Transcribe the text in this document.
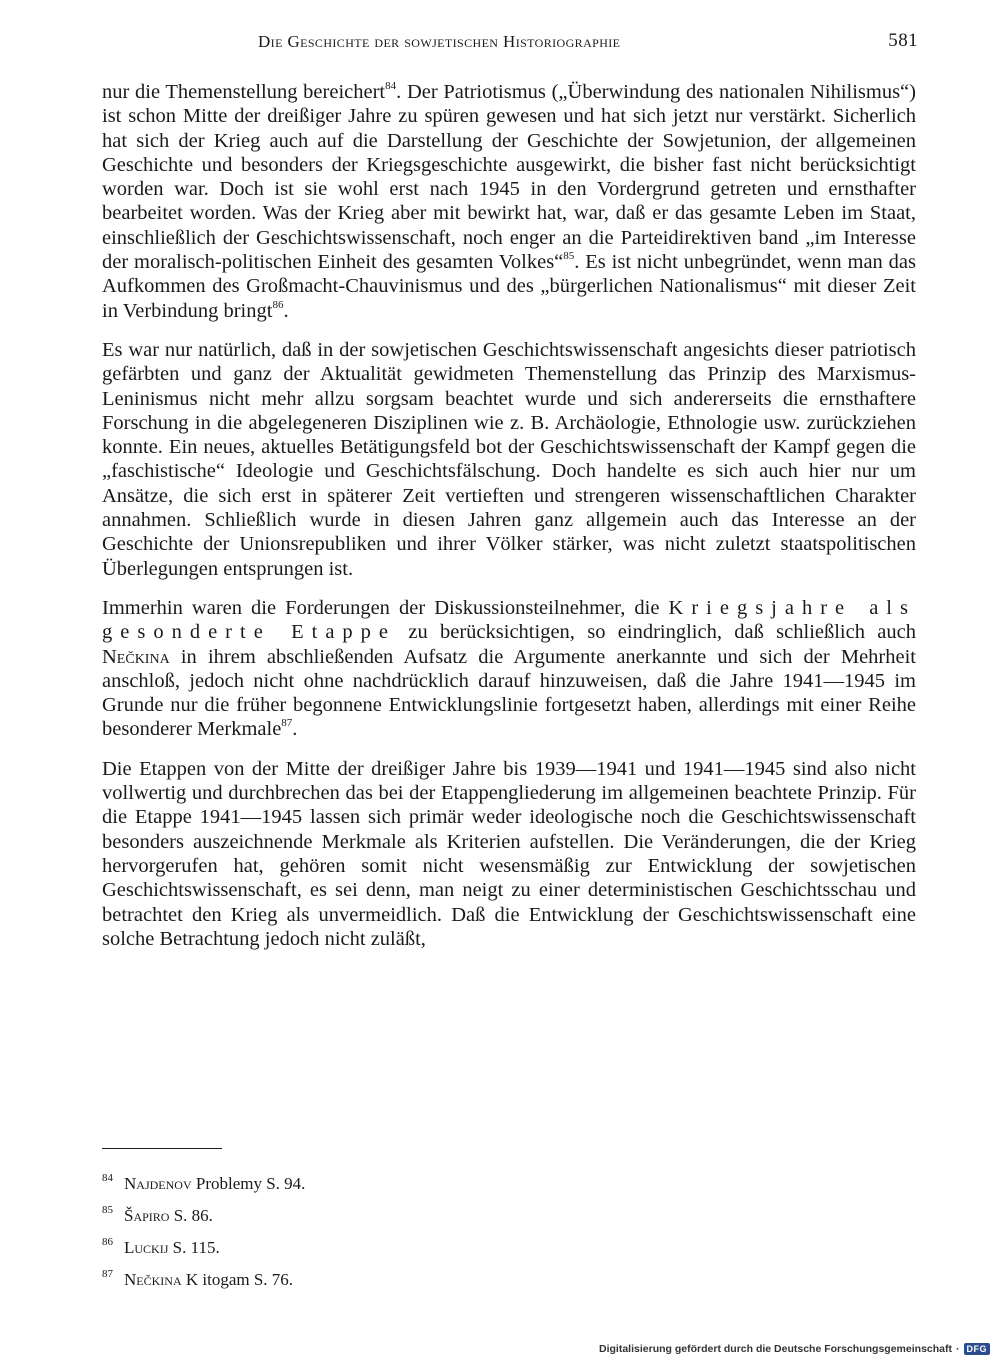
Die Geschichte der sowjetischen Historiographie	581

nur die Themenstellung bereichert$^{84}$. Der Patriotismus („Überwindung des nationalen Nihilismus“) ist schon Mitte der dreißiger Jahre zu spüren gewesen und hat sich jetzt nur verstärkt. Sicherlich hat sich der Krieg auch auf die Darstellung der Geschichte der Sowjetunion, der allgemeinen Geschichte und besonders der Kriegsgeschichte ausgewirkt, die bisher fast nicht berücksichtigt worden war. Doch ist sie wohl erst nach 1945 in den Vordergrund getreten und ernsthafter bearbeitet worden. Was der Krieg aber mit bewirkt hat, war, daß er das gesamte Leben im Staat, einschließlich der Geschichtswissenschaft, noch enger an die Parteidirektiven band „im Interesse der moralisch-politischen Einheit des gesamten Volkes“$^{85}$. Es ist nicht unbegründet, wenn man das Aufkommen des Großmacht-Chauvinismus und des „bürgerlichen Nationalismus“ mit dieser Zeit in Verbindung bringt$^{86}$.

Es war nur natürlich, daß in der sowjetischen Geschichtswissenschaft angesichts dieser patriotisch gefärbten und ganz der Aktualität gewidmeten Themenstellung das Prinzip des Marxismus-Leninismus nicht mehr allzu sorgsam beachtet wurde und sich andererseits die ernsthaftere Forschung in die abgelegeneren Disziplinen wie z. B. Archäologie, Ethnologie usw. zurückziehen konnte. Ein neues, aktuelles Betätigungsfeld bot der Geschichtswissenschaft der Kampf gegen die „faschistische“ Ideologie und Geschichtsfälschung. Doch handelte es sich auch hier nur um Ansätze, die sich erst in späterer Zeit vertieften und strengeren wissenschaftlichen Charakter annahmen. Schließlich wurde in diesen Jahren ganz allgemein auch das Interesse an der Geschichte der Unionsrepubliken und ihrer Völker stärker, was nicht zuletzt staatspolitischen Überlegungen entsprungen ist.

Immerhin waren die Forderungen der Diskussionsteilnehmer, die Kriegsjahre als gesonderte Etappe zu berücksichtigen, so eindringlich, daß schließlich auch Nečkina in ihrem abschließenden Aufsatz die Argumente anerkannte und sich der Mehrheit anschloß, jedoch nicht ohne nachdrücklich darauf hinzuweisen, daß die Jahre 1941—1945 im Grunde nur die früher begonnene Entwicklungslinie fortgesetzt haben, allerdings mit einer Reihe besonderer Merkmale$^{87}$.

Die Etappen von der Mitte der dreißiger Jahre bis 1939—1941 und 1941—1945 sind also nicht vollwertig und durchbrechen das bei der Etappengliederung im allgemeinen beachtete Prinzip. Für die Etappe 1941—1945 lassen sich primär weder ideologische noch die Geschichtswissenschaft besonders auszeichnende Merkmale als Kriterien aufstellen. Die Veränderungen, die der Krieg hervorgerufen hat, gehören somit nicht wesensmäßig zur Entwicklung der sowjetischen Geschichtswissenschaft, es sei denn, man neigt zu einer deterministischen Geschichtsschau und betrachtet den Krieg als unvermeidlich. Daß die Entwicklung der Geschichtswissenschaft eine solche Betrachtung jedoch nicht zuläßt,

84 Najdenov Problemy S. 94.
85 Šapiro S. 86.
86 Luckij S. 115.
87 Nečkina K itogam S. 76.
Digitalisierung gefördert durch die Deutsche Forschungsgemeinschaft · DFG
